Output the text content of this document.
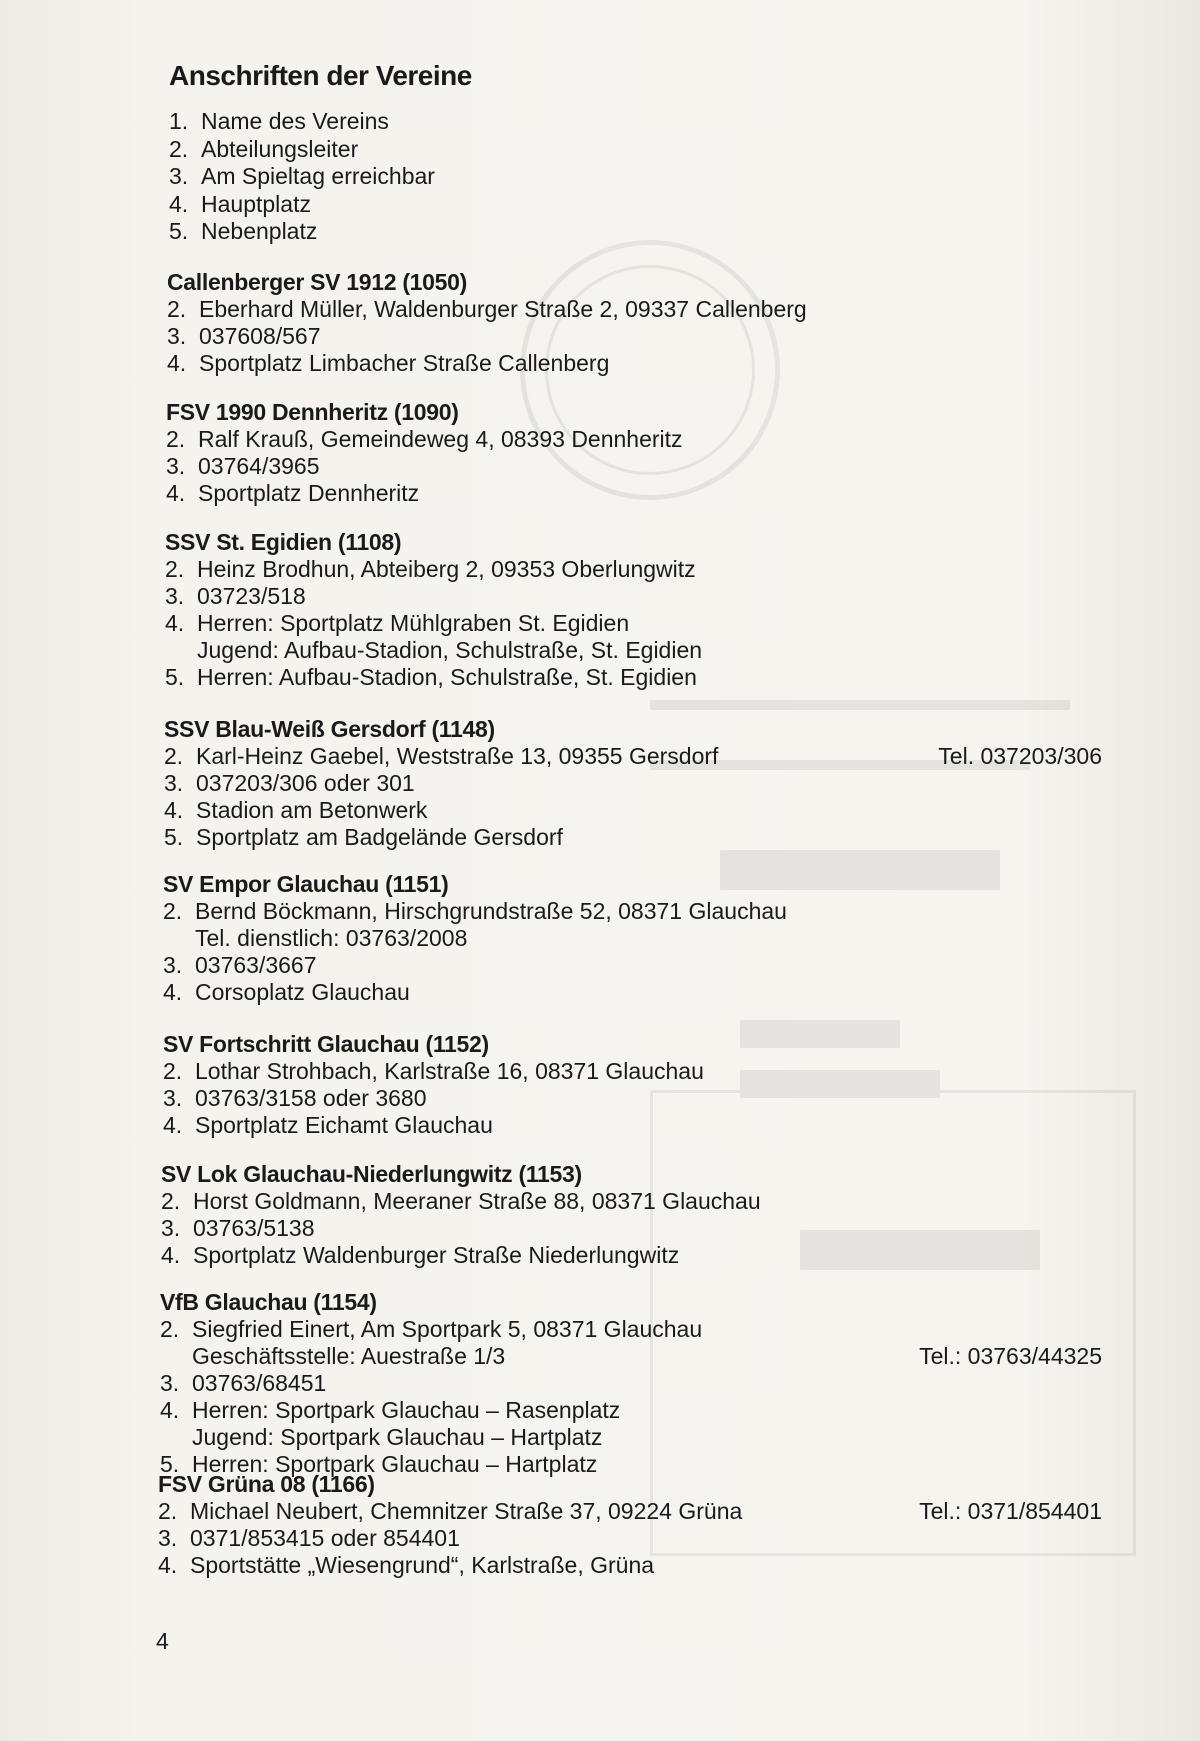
Anschriften der Vereine
1. Name des Vereins
2. Abteilungsleiter
3. Am Spieltag erreichbar
4. Hauptplatz
5. Nebenplatz
Callenberger SV 1912 (1050)
2. Eberhard Müller, Waldenburger Straße 2, 09337 Callenberg
3. 037608/567
4. Sportplatz Limbacher Straße Callenberg
FSV 1990 Dennheritz (1090)
2. Ralf Krauß, Gemeindeweg 4, 08393 Dennheritz
3. 03764/3965
4. Sportplatz Dennheritz
SSV St. Egidien (1108)
2. Heinz Brodhun, Abteiberg 2, 09353 Oberlungwitz
3. 03723/518
4. Herren: Sportplatz Mühlgraben St. Egidien
Jugend: Aufbau-Stadion, Schulstraße, St. Egidien
5. Herren: Aufbau-Stadion, Schulstraße, St. Egidien
SSV Blau-Weiß Gersdorf (1148)
2. Karl-Heinz Gaebel, Weststraße 13, 09355 Gersdorf	Tel. 037203/306
3. 037203/306 oder 301
4. Stadion am Betonwerk
5. Sportplatz am Badgelände Gersdorf
SV Empor Glauchau (1151)
2. Bernd Böckmann, Hirschgrundstraße 52, 08371 Glauchau
Tel. dienstlich: 03763/2008
3. 03763/3667
4. Corsoplatz Glauchau
SV Fortschritt Glauchau (1152)
2. Lothar Strohbach, Karlstraße 16, 08371 Glauchau
3. 03763/3158 oder 3680
4. Sportplatz Eichamt Glauchau
SV Lok Glauchau-Niederlungwitz (1153)
2. Horst Goldmann, Meeraner Straße 88, 08371 Glauchau
3. 03763/5138
4. Sportplatz Waldenburger Straße Niederlungwitz
VfB Glauchau (1154)
2. Siegfried Einert, Am Sportpark 5, 08371 Glauchau
Geschäftsstelle: Auestraße 1/3	Tel.: 03763/44325
3. 03763/68451
4. Herren: Sportpark Glauchau – Rasenplatz
Jugend: Sportpark Glauchau – Hartplatz
5. Herren: Sportpark Glauchau – Hartplatz
FSV Grüna 08 (1166)
2. Michael Neubert, Chemnitzer Straße 37, 09224 Grüna	Tel.: 0371/854401
3. 0371/853415 oder 854401
4. Sportstätte „Wiesengrund“, Karlstraße, Grüna
4
